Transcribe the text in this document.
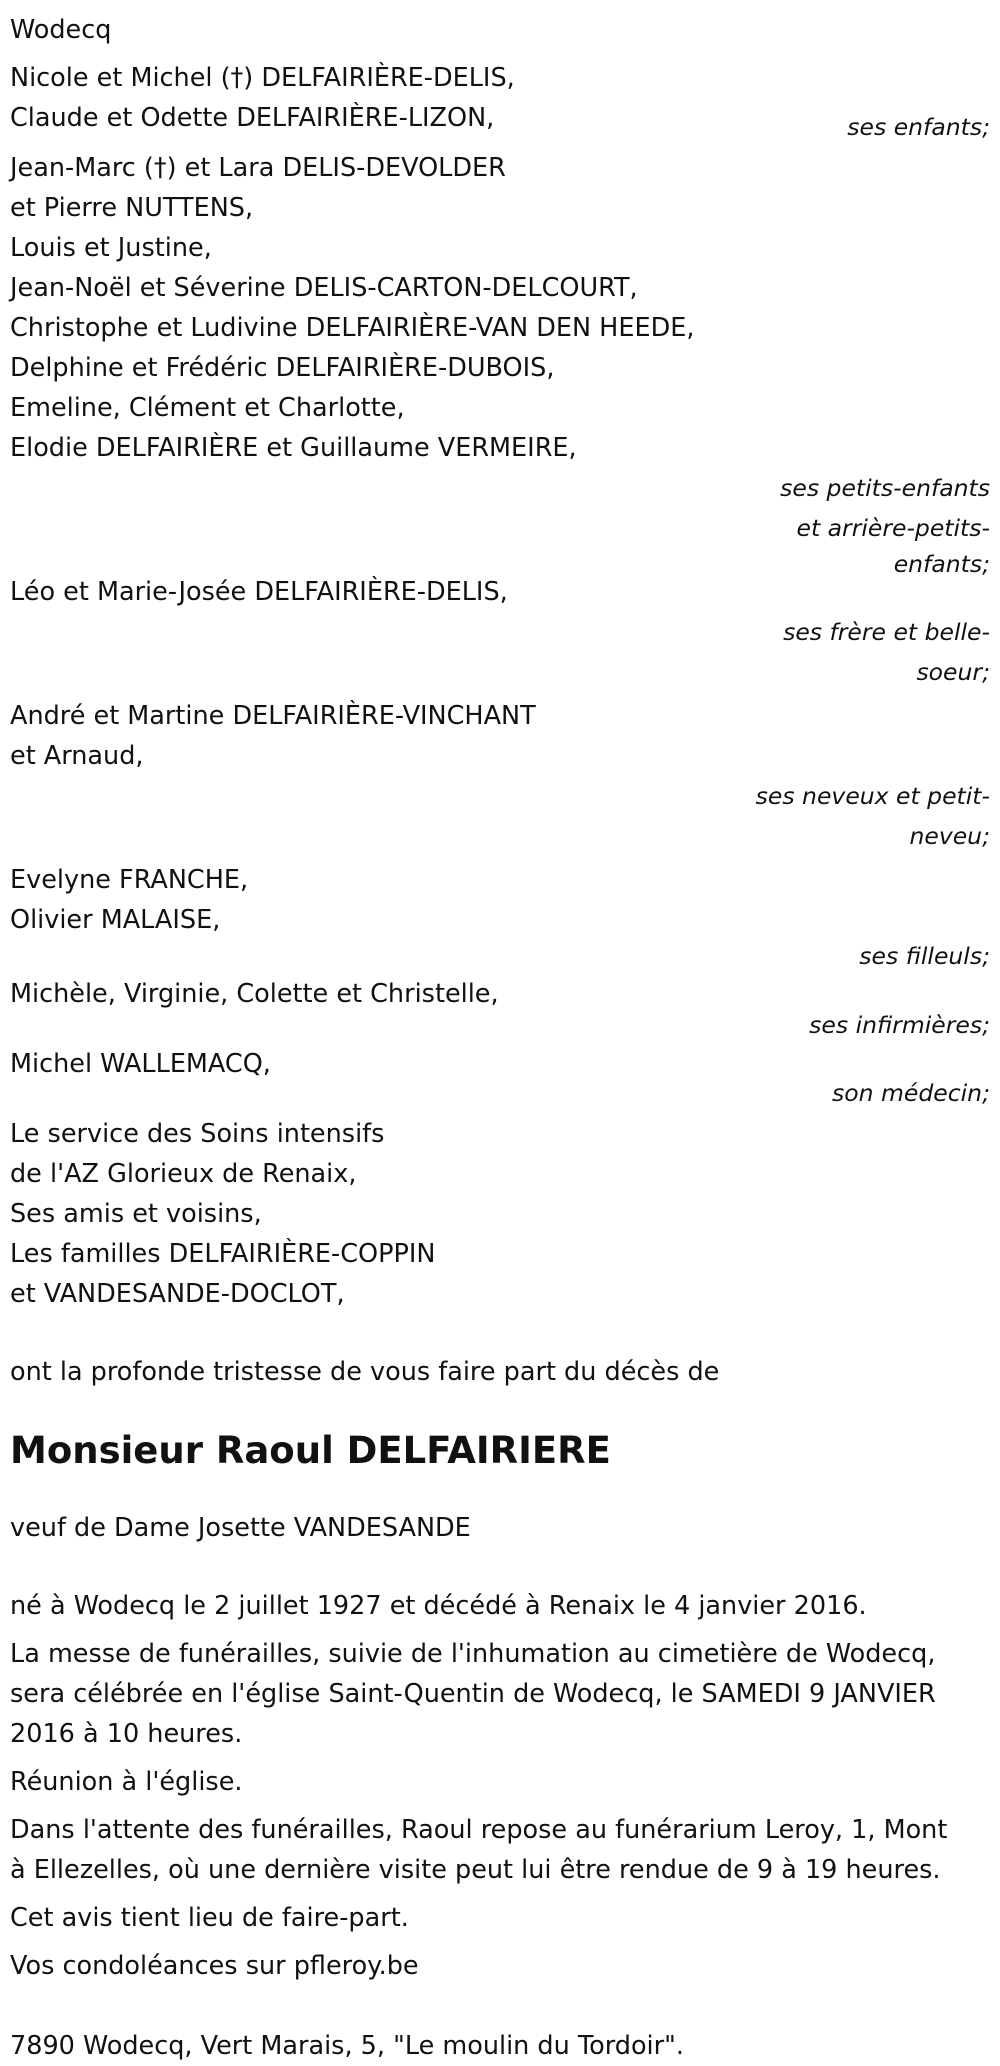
Wodecq
Nicole et Michel (†) DELFAIRIÈRE-DELIS,
Claude et Odette DELFAIRIÈRE-LIZON,	ses enfants;
Jean-Marc (†) et Lara DELIS-DEVOLDER
et Pierre NUTTENS,
Louis et Justine,
Jean-Noël et Séverine DELIS-CARTON-DELCOURT,
Christophe et Ludivine DELFAIRIÈRE-VAN DEN HEEDE,
Delphine et Frédéric DELFAIRIÈRE-DUBOIS,
Emeline, Clément et Charlotte,
Elodie DELFAIRIÈRE et Guillaume VERMEIRE,
ses petits-enfants
et arrière-petits-
enfants;
Léo et Marie-Josée DELFAIRIÈRE-DELIS,
ses frère et belle-
soeur;
André et Martine DELFAIRIÈRE-VINCHANT
et Arnaud,
ses neveux et petit-
neveu;
Evelyne FRANCHE,
Olivier MALAISE,
ses filleuls;
Michèle, Virginie, Colette et Christelle,
ses infirmières;
Michel WALLEMACQ,
son médecin;
Le service des Soins intensifs
de l'AZ Glorieux de Renaix,
Ses amis et voisins,
Les familles DELFAIRIÈRE-COPPIN
et VANDESANDE-DOCLOT,
ont la profonde tristesse de vous faire part du décès de
Monsieur Raoul DELFAIRIERE
veuf de Dame Josette VANDESANDE
né à Wodecq le 2 juillet 1927 et décédé à Renaix le 4 janvier 2016.
La messe de funérailles, suivie de l'inhumation au cimetière de Wodecq,
sera célébrée en l'église Saint-Quentin de Wodecq, le SAMEDI 9 JANVIER
2016 à 10 heures.
Réunion à l'église.
Dans l'attente des funérailles, Raoul repose au funérarium Leroy, 1, Mont
à Ellezelles, où une dernière visite peut lui être rendue de 9 à 19 heures.
Cet avis tient lieu de faire-part.
Vos condoléances sur pfleroy.be
7890 Wodecq, Vert Marais, 5, "Le moulin du Tordoir".
